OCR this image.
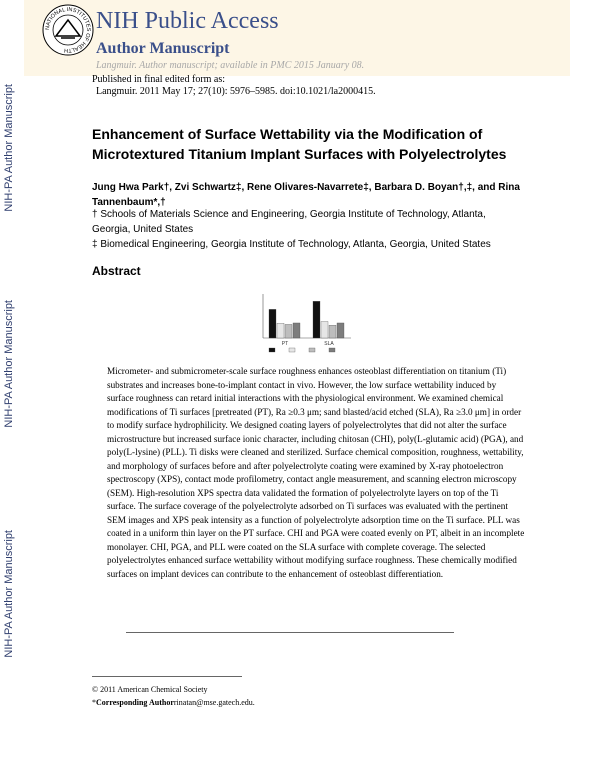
NIH-PA Author Manuscript
NIH-PA Author Manuscript
NIH-PA Author Manuscript
NATIONAL INSTITUTES OF HEALTH
NIH Public Access
Author Manuscript
Langmuir. Author manuscript; available in PMC 2015 January 08.
Published in final edited form as:
Langmuir. 2011 May 17; 27(10): 5976–5985. doi:10.1021/la2000415.
Enhancement of Surface Wettability via the Modification of Microtextured Titanium Implant Surfaces with Polyelectrolytes
Jung Hwa Park†, Zvi Schwartz‡, Rene Olivares-Navarrete‡, Barbara D. Boyan†,‡, and Rina Tannenbaum*,†
† Schools of Materials Science and Engineering, Georgia Institute of Technology, Atlanta, Georgia, United States
‡ Biomedical Engineering, Georgia Institute of Technology, Atlanta, Georgia, United States
Abstract
PT	SLA

Micrometer- and submicrometer-scale surface roughness enhances osteoblast differentiation on titanium (Ti) substrates and increases bone-to-implant contact in vivo. However, the low surface wettability induced by surface roughness can retard initial interactions with the physiological environment. We examined chemical modifications of Ti surfaces [pretreated (PT), Ra ≥0.3 μm; sand blasted/acid etched (SLA), Ra ≥3.0 μm] in order to modify surface hydrophilicity. We designed coating layers of polyelectrolytes that did not alter the surface microstructure but increased surface ionic character, including chitosan (CHI), poly(L-glutamic acid) (PGA), and poly(L-lysine) (PLL). Ti disks were cleaned and sterilized. Surface chemical composition, roughness, wettability, and morphology of surfaces before and after polyelectrolyte coating were examined by X-ray photoelectron spectroscopy (XPS), contact mode profilometry, contact angle measurement, and scanning electron microscopy (SEM). High-resolution XPS spectra data validated the formation of polyelectrolyte layers on top of the Ti surface. The surface coverage of the polyelectrolyte adsorbed on Ti surfaces was evaluated with the pertinent SEM images and XPS peak intensity as a function of polyelectrolyte adsorption time on the Ti surface. PLL was coated in a uniform thin layer on the PT surface. CHI and PGA were coated evenly on PT, albeit in an incomplete monolayer. CHI, PGA, and PLL were coated on the SLA surface with complete coverage. The selected polyelectrolytes enhanced surface wettability without modifying surface roughness. These chemically modified surfaces on implant devices can contribute to the enhancement of osteoblast differentiation.

© 2011 American Chemical Society
*Corresponding Authorrinatan@mse.gatech.edu.
